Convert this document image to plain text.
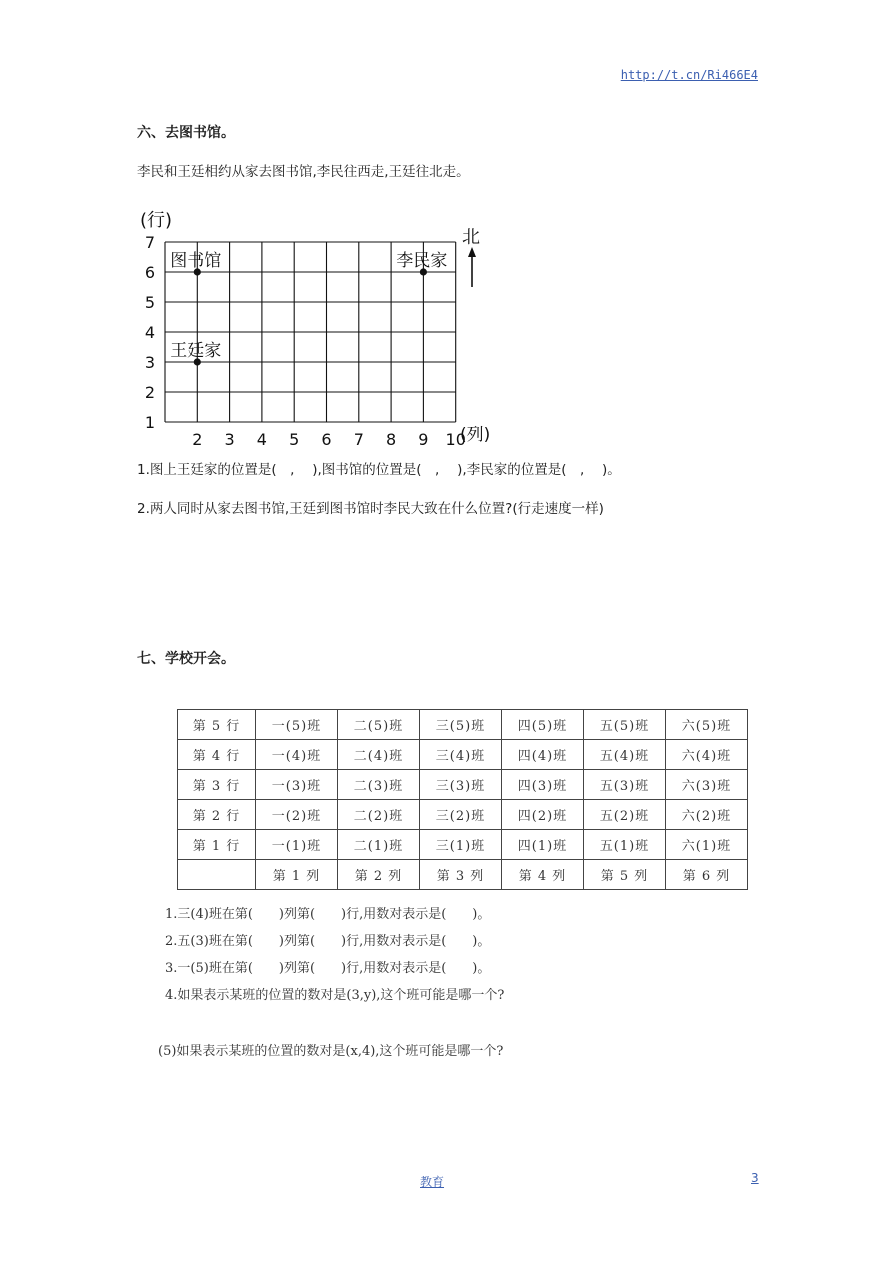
http://t.cn/Ri466E4
六、去图书馆。
李民和王廷相约从家去图书馆,李民往西走,王廷往北走。
1
2
3
4
5
6
7
2 3 4 5 6 7 8 9 10
图书馆	李民家
王廷家
(行)
(列)
北
1.图上王廷家的位置是(　,　 ),图书馆的位置是(　,　 ),李民家的位置是(　,　 )。
2.两人同时从家去图书馆,王廷到图书馆时李民大致在什么位置?(行走速度一样)
七、学校开会。
第 5 行	一(5)班	二(5)班	三(5)班	四(5)班	五(5)班	六(5)班
第 4 行	一(4)班	二(4)班	三(4)班	四(4)班	五(4)班	六(4)班
第 3 行	一(3)班	二(3)班	三(3)班	四(3)班	五(3)班	六(3)班
第 2 行	一(2)班	二(2)班	三(2)班	四(2)班	五(2)班	六(2)班
第 1 行	一(1)班	二(1)班	三(1)班	四(1)班	五(1)班	六(1)班
	第 1 列	第 2 列	第 3 列	第 4 列	第 5 列	第 6 列
1.三(4)班在第(　　)列第(　　)行,用数对表示是(　　)。
2.五(3)班在第(　　)列第(　　)行,用数对表示是(　　)。
3.一(5)班在第(　　)列第(　　)行,用数对表示是(　　)。
4.如果表示某班的位置的数对是(3,y),这个班可能是哪一个?
(5)如果表示某班的位置的数对是(x,4),这个班可能是哪一个?
教育	3
